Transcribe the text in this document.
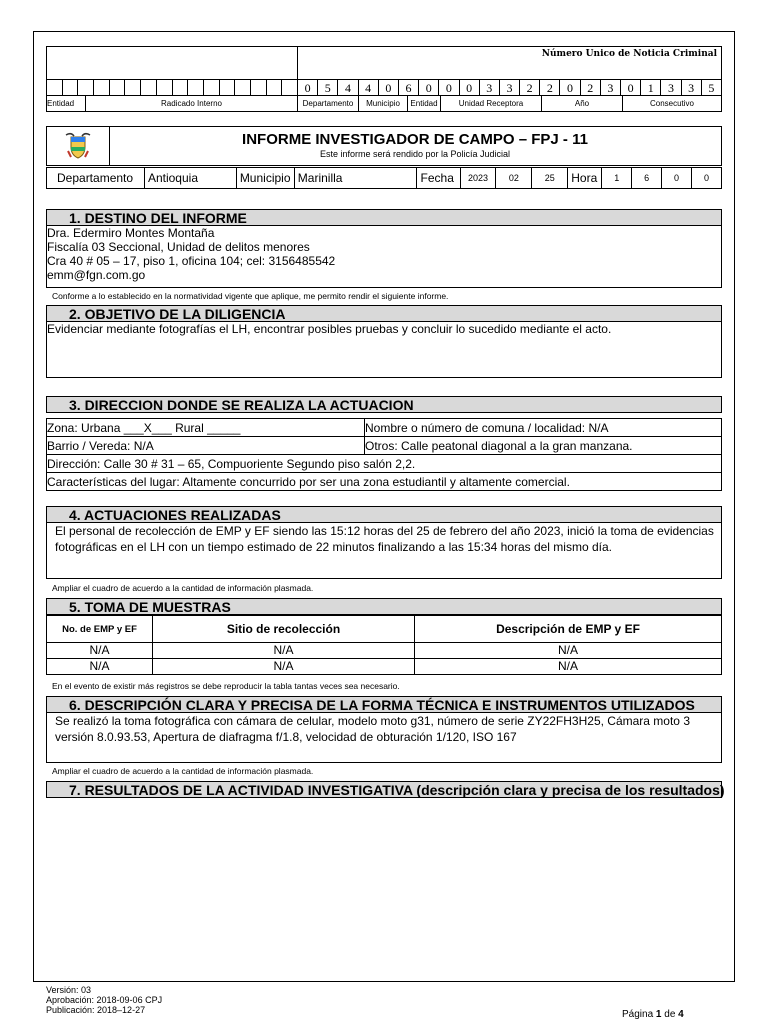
Entidad	Radicado Interno
Número Unico de Noticia Criminal
0	5	4	4	0	6	0	0	0	3	3	2	2	0	2	3	0	1	3	3	5
Departamento	Municipio	Entidad	Unidad Receptora	Año	Consecutivo
INFORME INVESTIGADOR DE CAMPO – FPJ - 11
Este informe será rendido por la Policía Judicial
Departamento	Antioquia	Municipio	Marinilla	Fecha	2023	02	25	Hora	1	6	0	0
1. DESTINO DEL INFORME
Dra. Edermiro Montes Montaña
Fiscalía 03 Seccional, Unidad de delitos menores
Cra 40 # 05 – 17, piso 1, oficina 104; cel: 3156485542
emm@fgn.com.go
Conforme a lo establecido en la normatividad vigente que aplique, me permito rendir el siguiente informe.
2. OBJETIVO DE LA DILIGENCIA
Evidenciar mediante fotografías el LH, encontrar posibles pruebas y concluir lo sucedido mediante el acto.
3. DIRECCION DONDE SE REALIZA LA ACTUACION
Zona: Urbana ___X___ Rural _____	Nombre o número de comuna / localidad: N/A
Barrio / Vereda: N/A	Otros: Calle peatonal diagonal a la gran manzana.
Dirección: Calle 30 # 31 – 65, Compuoriente Segundo piso salón 2,2.	
Características del lugar: Altamente concurrido por ser una zona estudiantil y altamente comercial.	
4. ACTUACIONES REALIZADAS
El personal de recolección de EMP y EF siendo las 15:12 horas del 25 de febrero del año 2023, inició la toma de evidencias fotográficas en el LH con un tiempo estimado de 22 minutos finalizando a las 15:34 horas del mismo día.
Ampliar el cuadro de acuerdo a la cantidad de información plasmada.
5. TOMA DE MUESTRAS
No. de EMP y EF	Sitio de recolección	Descripción de EMP y EF
N/A	N/A	N/A
N/A	N/A	N/A
En el evento de existir más registros se debe reproducir la tabla tantas veces sea necesario.
6. DESCRIPCIÓN CLARA Y PRECISA DE LA FORMA TÉCNICA E INSTRUMENTOS UTILIZADOS
Se realizó la toma fotográfica con cámara de celular, modelo moto g31, número de serie ZY22FH3H25, Cámara moto 3 versión 8.0.93.53, Apertura de diafragma f/1.8, velocidad de obturación 1/120, ISO 167
Ampliar el cuadro de acuerdo a la cantidad de información plasmada.
7. RESULTADOS DE LA ACTIVIDAD INVESTIGATIVA (descripción clara y precisa de los resultados)
Versión: 03
Aprobación: 2018-09-06 CPJ
Publicación: 2018–12-27	Página 1 de 4
